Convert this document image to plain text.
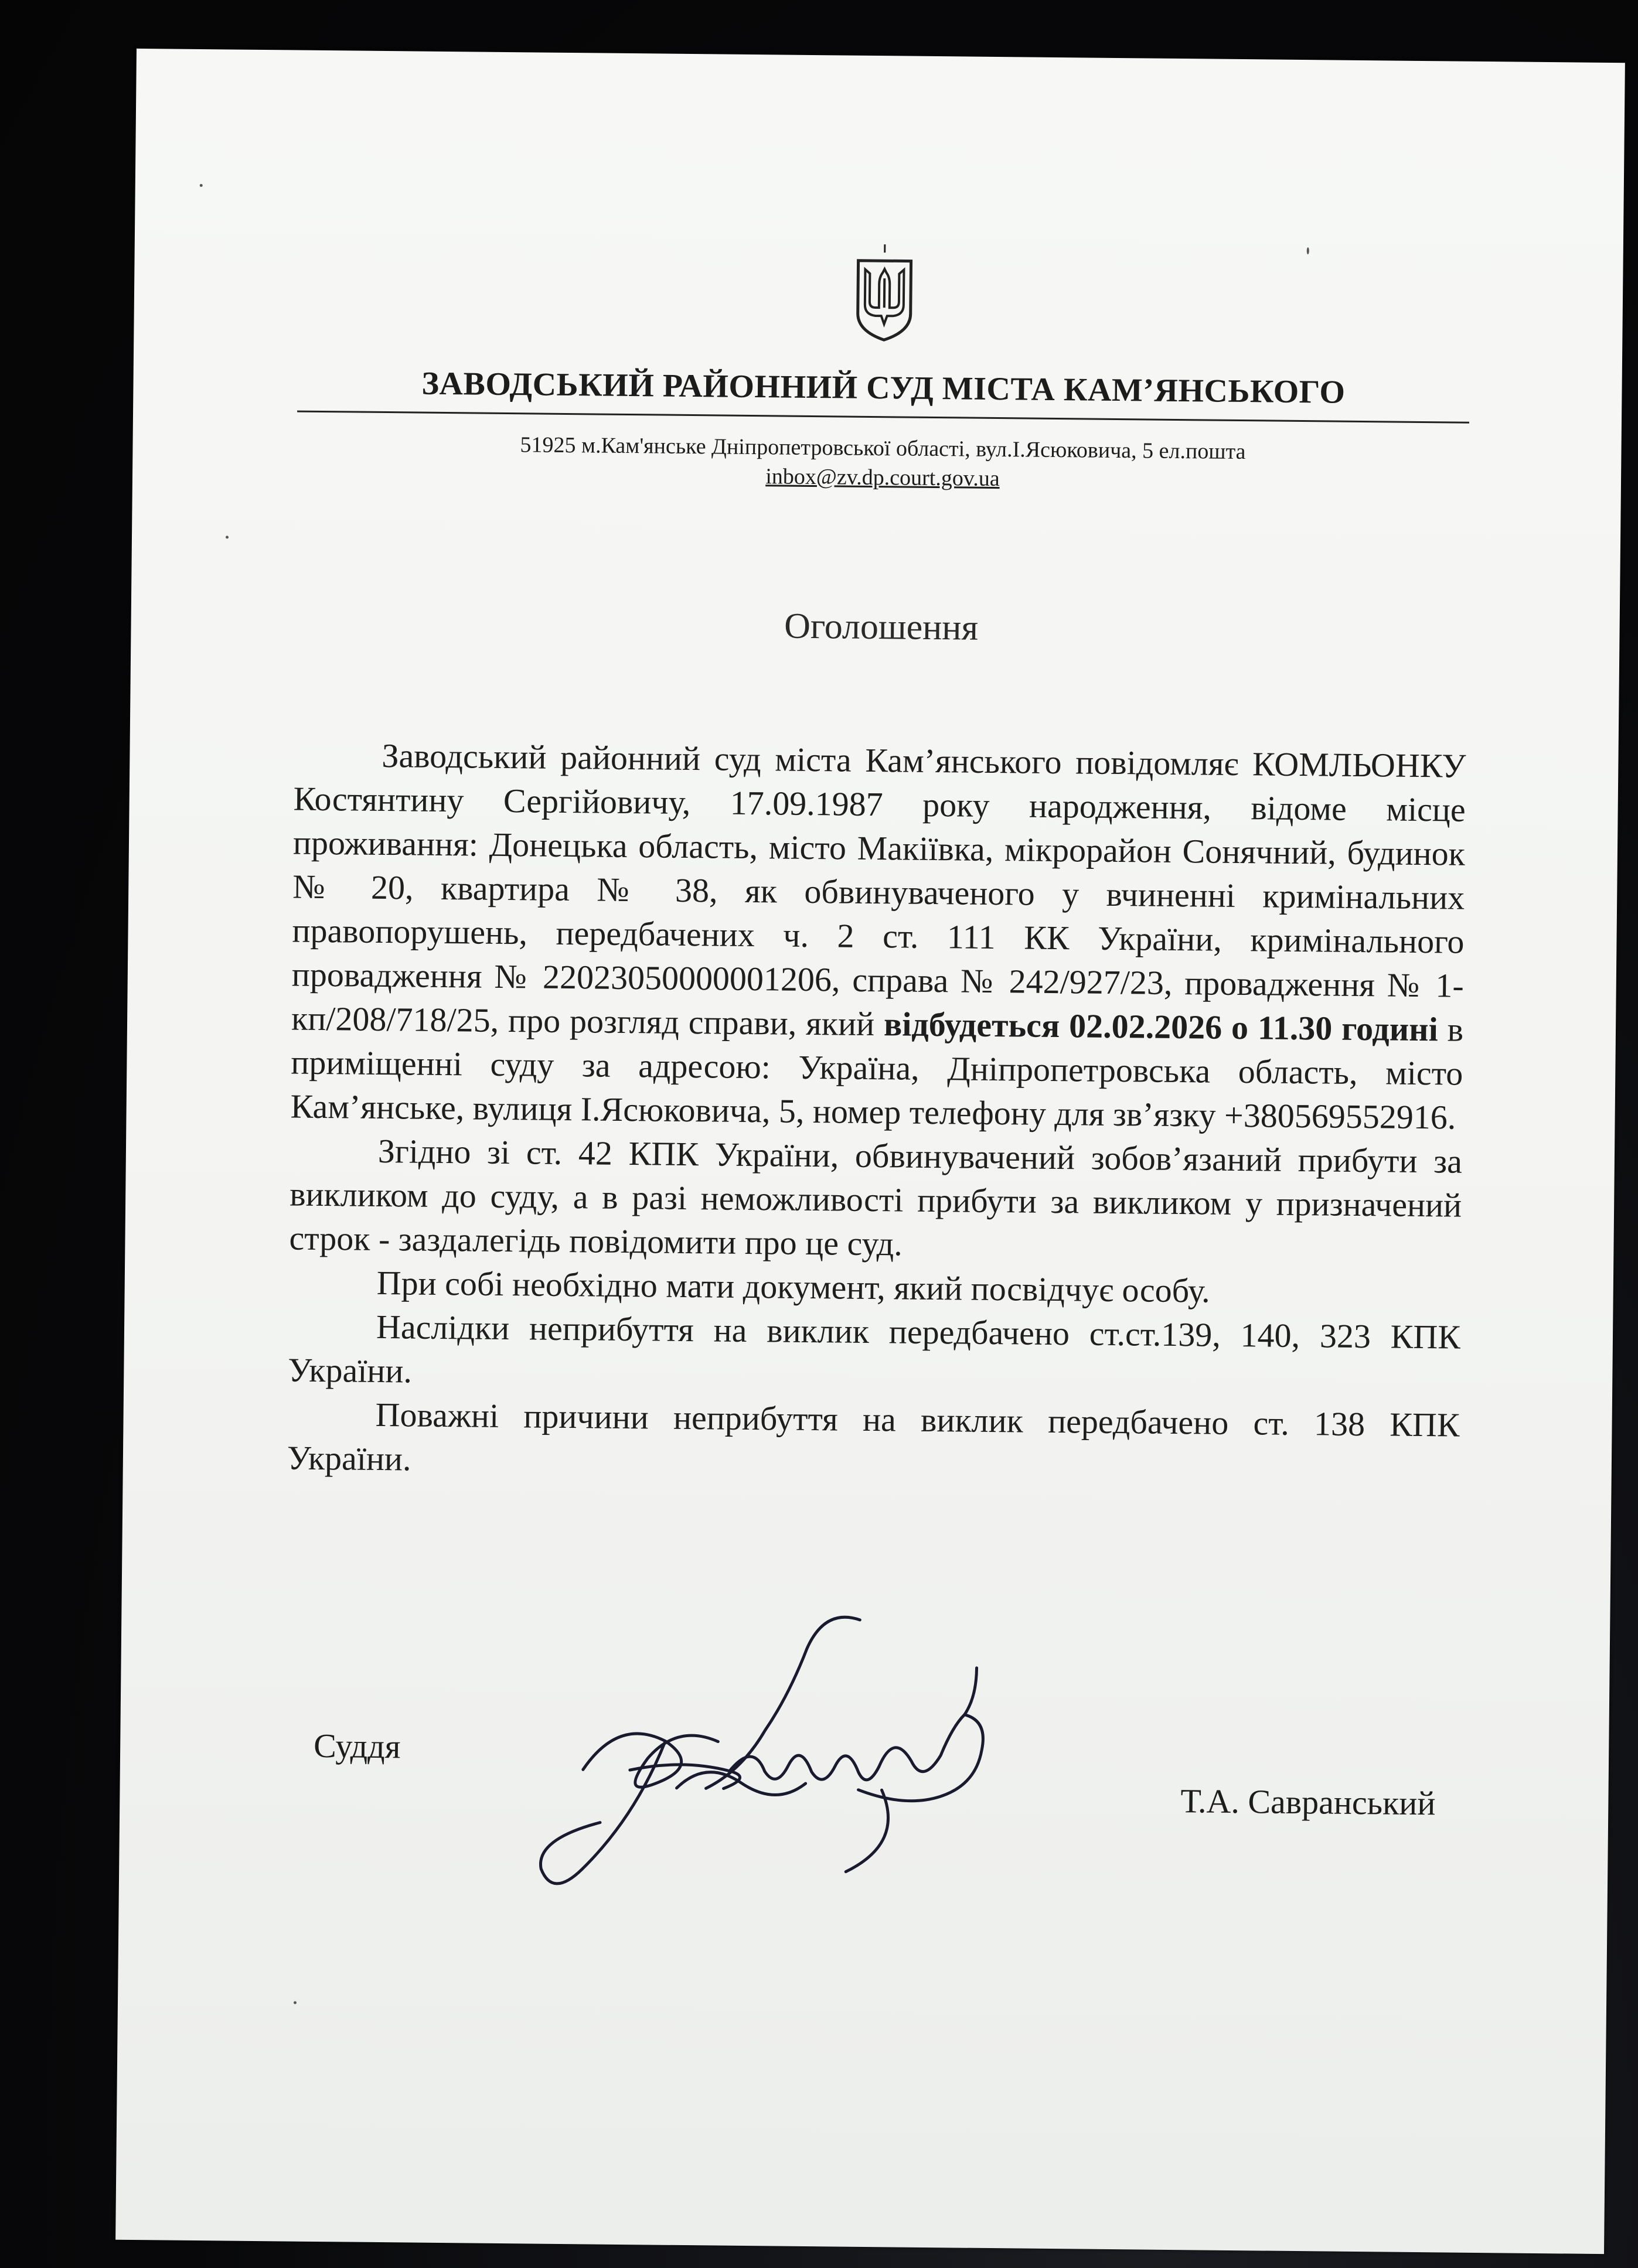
ЗАВОДСЬКИЙ РАЙОННИЙ СУД МІСТА КАМ’ЯНСЬКОГО
51925 м.Кам'янське Дніпропетровської області, вул.І.Ясюковича, 5 ел.пошта
inbox@zv.dp.court.gov.ua
Оголошення

Заводський районний суд міста Кам’янського повідомляє КОМЛЬОНКУ Костянтину Сергійовичу, 17.09.1987 року народження, відоме місце проживання: Донецька область, місто Макіївка, мікрорайон Сонячний, будинок № 20, квартира № 38, як обвинуваченого у вчиненні кримінальних правопорушень, передбачених ч. 2 ст. 111 КК України, кримінального провадження № 22023050000001206, справа № 242/927/23, провадження № 1-кп/208/718/25, про розгляд справи, який відбудеться 02.02.2026 о 11.30 годині в приміщенні суду за адресою: Україна, Дніпропетровська область, місто Кам’янське, вулиця І.Ясюковича, 5, номер телефону для зв’язку +380569552916.

Згідно зі ст. 42 КПК України, обвинувачений зобов’язаний прибути за викликом до суду, а в разі неможливості прибути за викликом у призначений строк - заздалегідь повідомити про це суд.

При собі необхідно мати документ, який посвідчує особу.

Наслідки неприбуття на виклик передбачено ст.ст.139, 140, 323 КПК України.

Поважні причини неприбуття на виклик передбачено ст. 138 КПК України.

Суддя
Т.А. Савранський
